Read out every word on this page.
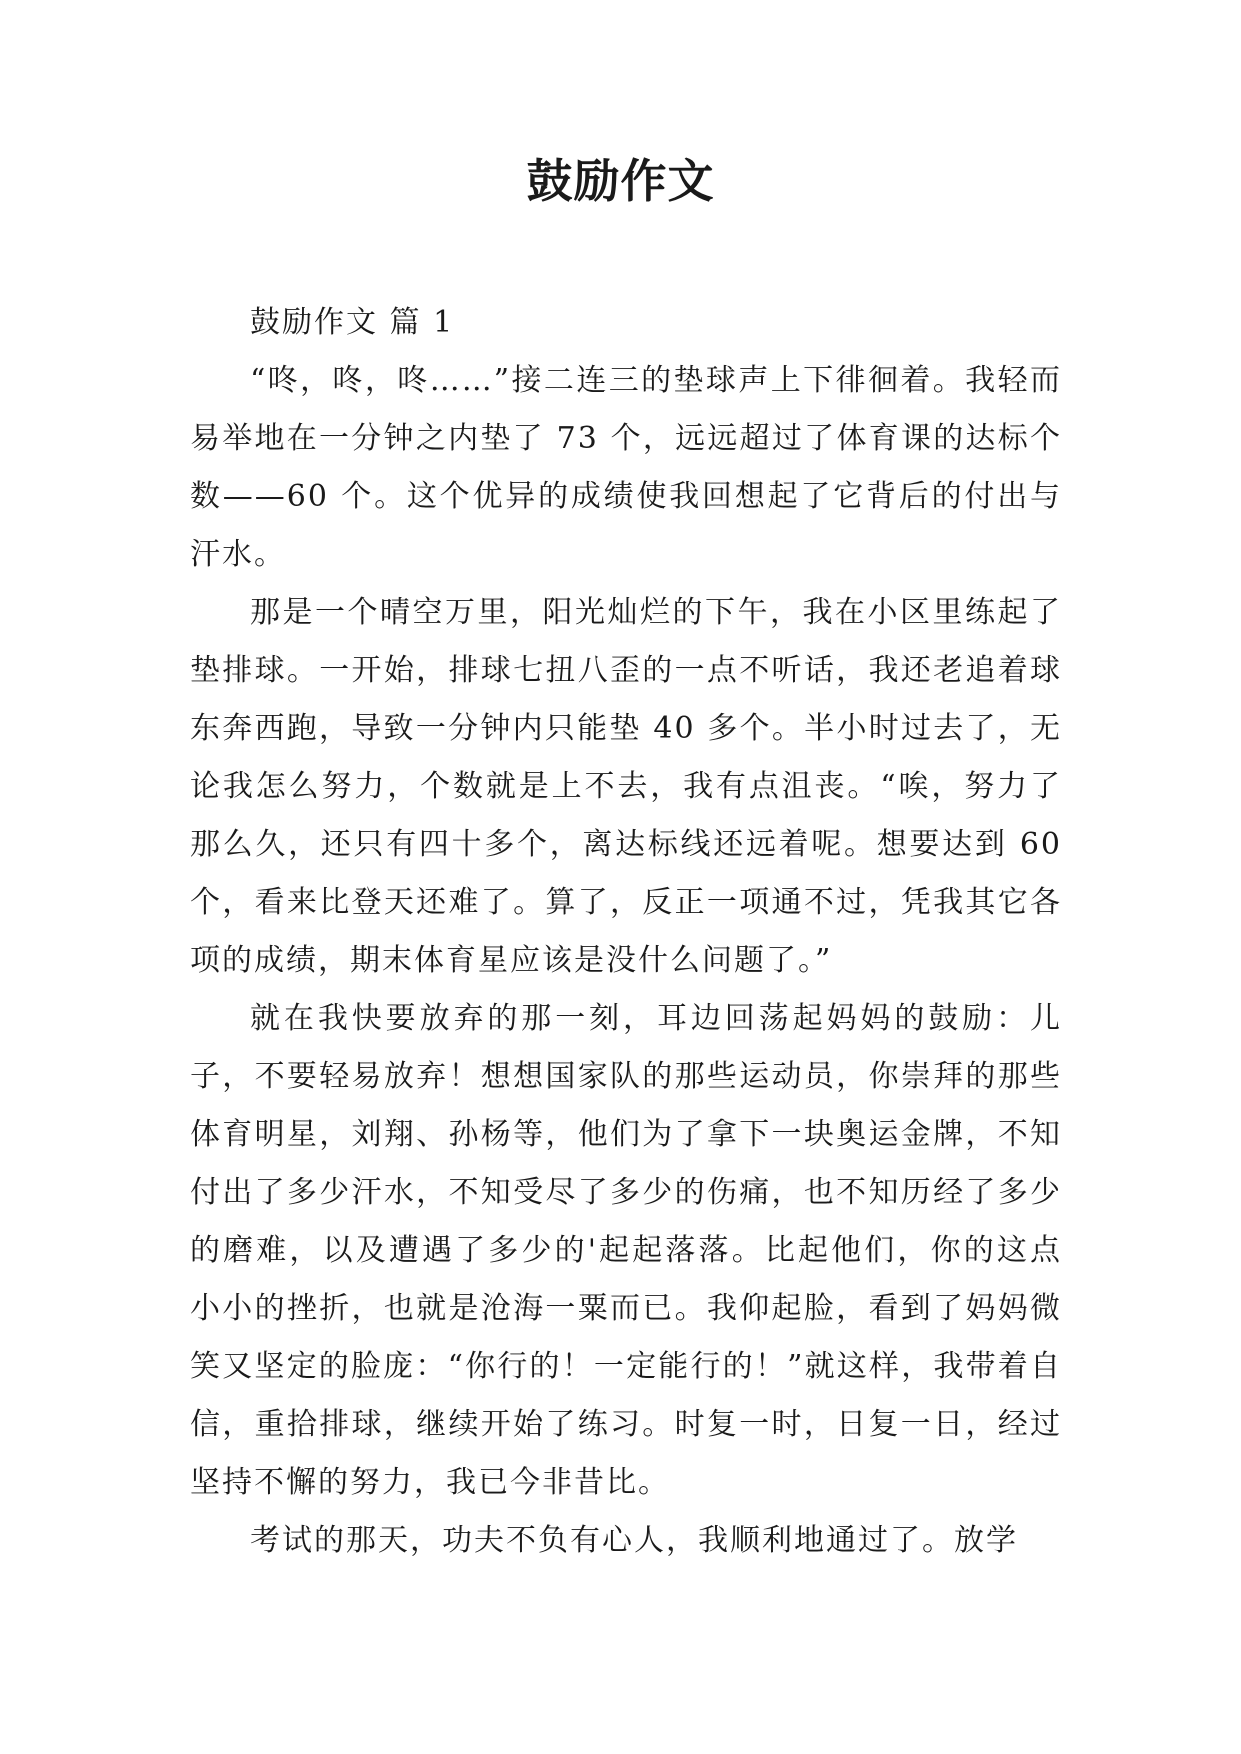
鼓励作文

鼓励作文 篇 1

“咚，咚，咚……”接二连三的垫球声上下徘徊着。我轻而易举地在一分钟之内垫了 73 个，远远超过了体育课的达标个数——60 个。这个优异的成绩使我回想起了它背后的付出与汗水。

那是一个晴空万里，阳光灿烂的下午，我在小区里练起了垫排球。一开始，排球七扭八歪的一点不听话，我还老追着球东奔西跑，导致一分钟内只能垫 40 多个。半小时过去了，无论我怎么努力，个数就是上不去，我有点沮丧。“唉，努力了那么久，还只有四十多个，离达标线还远着呢。想要达到 60 个，看来比登天还难了。算了，反正一项通不过，凭我其它各项的成绩，期末体育星应该是没什么问题了。”

就在我快要放弃的那一刻，耳边回荡起妈妈的鼓励：儿子，不要轻易放弃！想想国家队的那些运动员，你崇拜的那些体育明星，刘翔、孙杨等，他们为了拿下一块奥运金牌，不知付出了多少汗水，不知受尽了多少的伤痛，也不知历经了多少的磨难，以及遭遇了多少的'起起落落。比起他们，你的这点小小的挫折，也就是沧海一粟而已。我仰起脸，看到了妈妈微笑又坚定的脸庞：“你行的！一定能行的！”就这样，我带着自信，重拾排球，继续开始了练习。时复一时，日复一日，经过坚持不懈的努力，我已今非昔比。

考试的那天，功夫不负有心人，我顺利地通过了。放学
